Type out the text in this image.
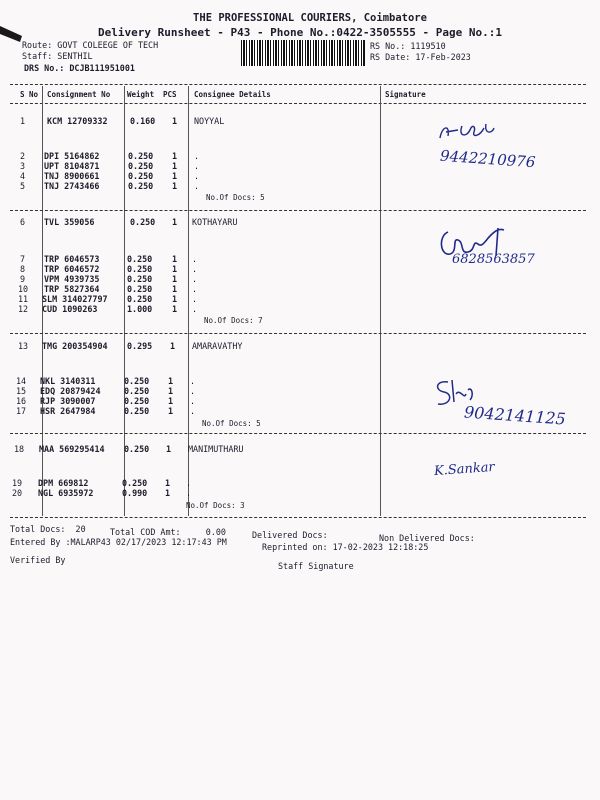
THE PROFESSIONAL COURIERS, Coimbatore
Delivery Runsheet - P43 - Phone No.:0422-3505555 - Page No.:1
Route: GOVT COLEEGE OF TECH
Staff: SENTHIL
DRS No.: DCJB111951001
RS No.: 1119510
RS Date: 17-Feb-2023
S No Consignment No Weight PCS Consignee Details	Signature
1	KCM 12709332	0.160 1 NOYYAL
2 DPI 5164862	0.250 1 .
3 UPT 8104871	0.250 1 .
4 TNJ 8900661	0.250 1 .
5 TNJ 2743466	0.250 1 .
No.Of Docs: 5
6 TVL 359056	0.250 1 KOTHAYARU
7 TRP 6046573	0.250 1 .
8 TRP 6046572	0.250 1 .
9 VPM 4939735	0.250 1 .
10 TRP 5827364	0.250 1 .
11 SLM 314027797 0.250 1 .
12 CUD 1090263	1.000 1 .
No.Of Docs: 7
13 TMG 200354904 0.295 1 AMARAVATHY
14 NKL 3140311	0.250 1 .
15 EDQ 20879424	0.250 1 .
16 RJP 3090007	0.250 1 .
17 HSR 2647984	0.250 1 .
No.Of Docs: 5
18 MAA 569295414 0.250 1 MANIMUTHARU
19 DPM 669812	0.250 1 .
20 NGL 6935972	0.990 1 .
No.Of Docs: 3
9442210976
6828563857
9042141125
K.Sankar
Total Docs:  20	Total COD Amt:     0.00	Delivered Docs:	Non Delivered Docs:
Entered By :MALARP43 02/17/2023 12:17:43 PM	Reprinted on: 17-02-2023 12:18:25
Verified By
Staff Signature
